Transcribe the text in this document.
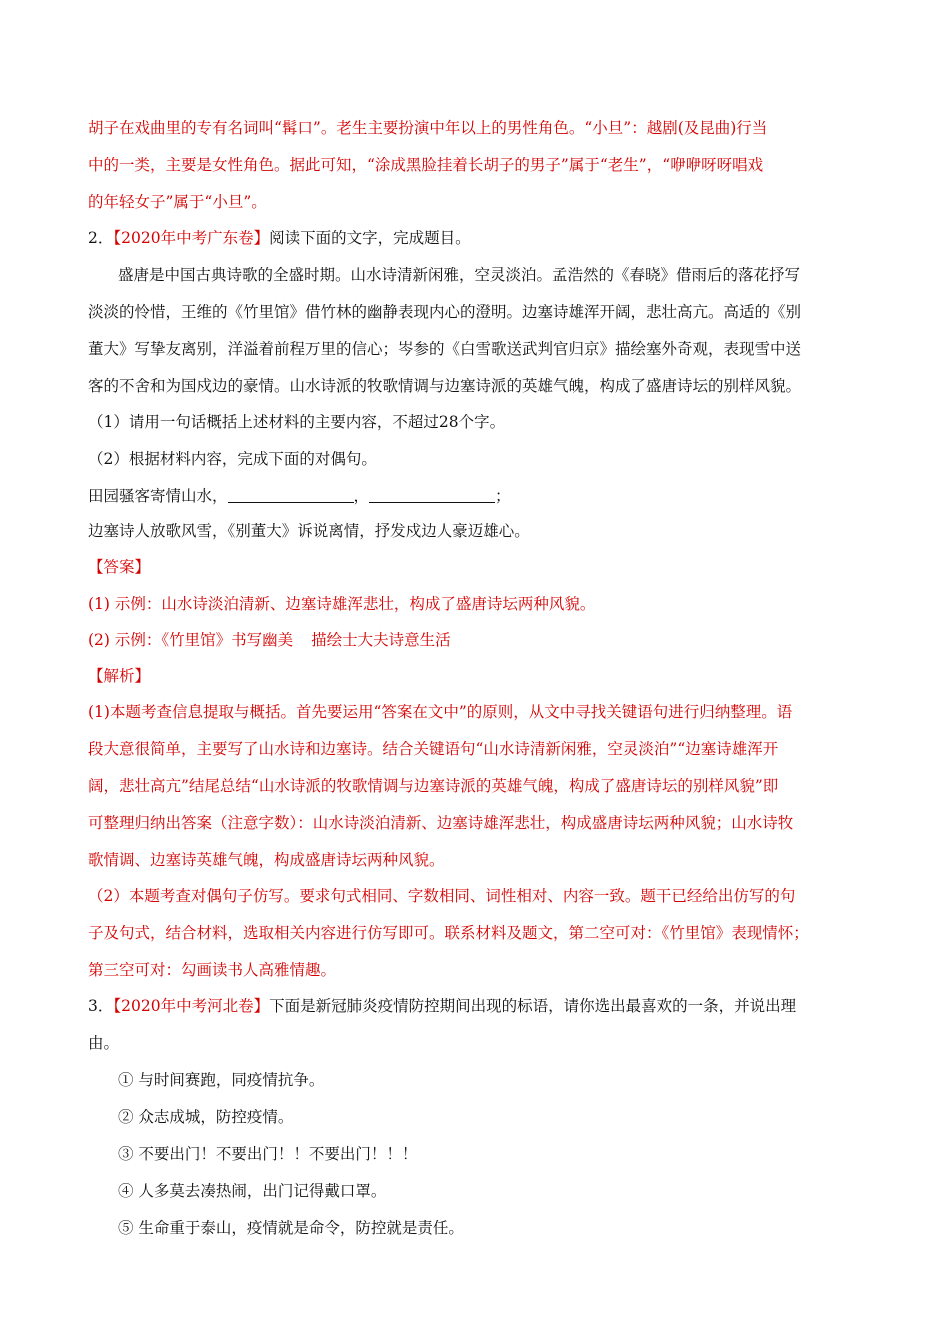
胡子在戏曲里的专有名词叫“髯口”。老生主要扮演中年以上的男性角色。“小旦”：越剧(及昆曲)行当

中的一类，主要是女性角色。据此可知，“涂成黑脸挂着长胡子的男子”属于“老生”，“咿咿呀呀唱戏

的年轻女子”属于“小旦”。

2．【2020年中考广东卷】阅读下面的文字，完成题目。

盛唐是中国古典诗歌的全盛时期。山水诗清新闲雅，空灵淡泊。孟浩然的《春晓》借雨后的落花抒写

淡淡的怜惜，王维的《竹里馆》借竹林的幽静表现内心的澄明。边塞诗雄浑开阔，悲壮高亢。高适的《别

董大》写挚友离别，洋溢着前程万里的信心；岑参的《白雪歌送武判官归京》描绘塞外奇观，表现雪中送

客的不舍和为国戍边的豪情。山水诗派的牧歌情调与边塞诗派的英雄气魄，构成了盛唐诗坛的别样风貌。

（1）请用一句话概括上述材料的主要内容，不超过28个字。

（2）根据材料内容，完成下面的对偶句。

田园骚客寄情山水，	，	；

边塞诗人放歌风雪，《别董大》诉说离情，抒发戍边人豪迈雄心。

【答案】

(1) 示例：山水诗淡泊清新、边塞诗雄浑悲壮，构成了盛唐诗坛两种风貌。

(2) 示例：《竹里馆》书写幽美 描绘士大夫诗意生活

【解析】

(1)本题考查信息提取与概括。首先要运用“答案在文中”的原则，从文中寻找关键语句进行归纳整理。语

段大意很简单，主要写了山水诗和边塞诗。结合关键语句“山水诗清新闲雅，空灵淡泊”“边塞诗雄浑开

阔，悲壮高亢”结尾总结“山水诗派的牧歌情调与边塞诗派的英雄气魄，构成了盛唐诗坛的别样风貌”即

可整理归纳出答案（注意字数）：山水诗淡泊清新、边塞诗雄浑悲壮，构成盛唐诗坛两种风貌；山水诗牧

歌情调、边塞诗英雄气魄，构成盛唐诗坛两种风貌。

（2）本题考查对偶句子仿写。要求句式相同、字数相同、词性相对、内容一致。题干已经给出仿写的句

子及句式，结合材料，选取相关内容进行仿写即可。联系材料及题文，第二空可对：《竹里馆》表现情怀；

第三空可对：勾画读书人高雅情趣。

3．【2020年中考河北卷】下面是新冠肺炎疫情防控期间出现的标语，请你选出最喜欢的一条，并说出理

由。

① 与时间赛跑，同疫情抗争。

② 众志成城，防控疫情。

③ 不要出门！不要出门！！不要出门！！！

④ 人多莫去凑热闹，出门记得戴口罩。

⑤ 生命重于泰山，疫情就是命令，防控就是责任。
